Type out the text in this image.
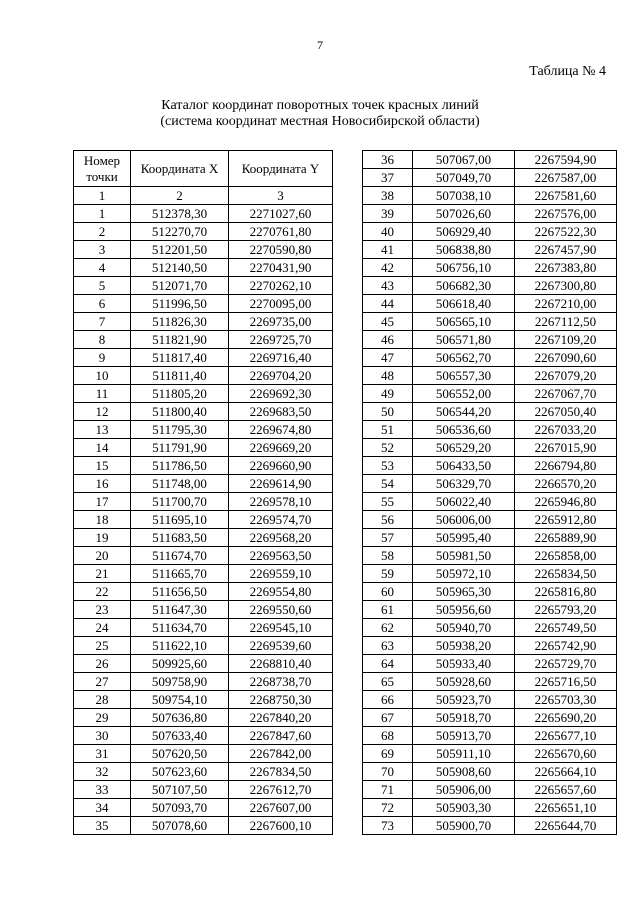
7
Таблица № 4
Каталог координат поворотных точек красных линий
(система координат местная Новосибирской области)
Номер точки	Координата X	Координата Y
1	2	3
1	512378,30	2271027,60
2	512270,70	2270761,80
3	512201,50	2270590,80
4	512140,50	2270431,90
5	512071,70	2270262,10
6	511996,50	2270095,00
7	511826,30	2269735,00
8	511821,90	2269725,70
9	511817,40	2269716,40
10	511811,40	2269704,20
11	511805,20	2269692,30
12	511800,40	2269683,50
13	511795,30	2269674,80
14	511791,90	2269669,20
15	511786,50	2269660,90
16	511748,00	2269614,90
17	511700,70	2269578,10
18	511695,10	2269574,70
19	511683,50	2269568,20
20	511674,70	2269563,50
21	511665,70	2269559,10
22	511656,50	2269554,80
23	511647,30	2269550,60
24	511634,70	2269545,10
25	511622,10	2269539,60
26	509925,60	2268810,40
27	509758,90	2268738,70
28	509754,10	2268750,30
29	507636,80	2267840,20
30	507633,40	2267847,60
31	507620,50	2267842,00
32	507623,60	2267834,50
33	507107,50	2267612,70
34	507093,70	2267607,00
35	507078,60	2267600,10
36	507067,00	2267594,90
37	507049,70	2267587,00
38	507038,10	2267581,60
39	507026,60	2267576,00
40	506929,40	2267522,30
41	506838,80	2267457,90
42	506756,10	2267383,80
43	506682,30	2267300,80
44	506618,40	2267210,00
45	506565,10	2267112,50
46	506571,80	2267109,20
47	506562,70	2267090,60
48	506557,30	2267079,20
49	506552,00	2267067,70
50	506544,20	2267050,40
51	506536,60	2267033,20
52	506529,20	2267015,90
53	506433,50	2266794,80
54	506329,70	2266570,20
55	506022,40	2265946,80
56	506006,00	2265912,80
57	505995,40	2265889,90
58	505981,50	2265858,00
59	505972,10	2265834,50
60	505965,30	2265816,80
61	505956,60	2265793,20
62	505940,70	2265749,50
63	505938,20	2265742,90
64	505933,40	2265729,70
65	505928,60	2265716,50
66	505923,70	2265703,30
67	505918,70	2265690,20
68	505913,70	2265677,10
69	505911,10	2265670,60
70	505908,60	2265664,10
71	505906,00	2265657,60
72	505903,30	2265651,10
73	505900,70	2265644,70
